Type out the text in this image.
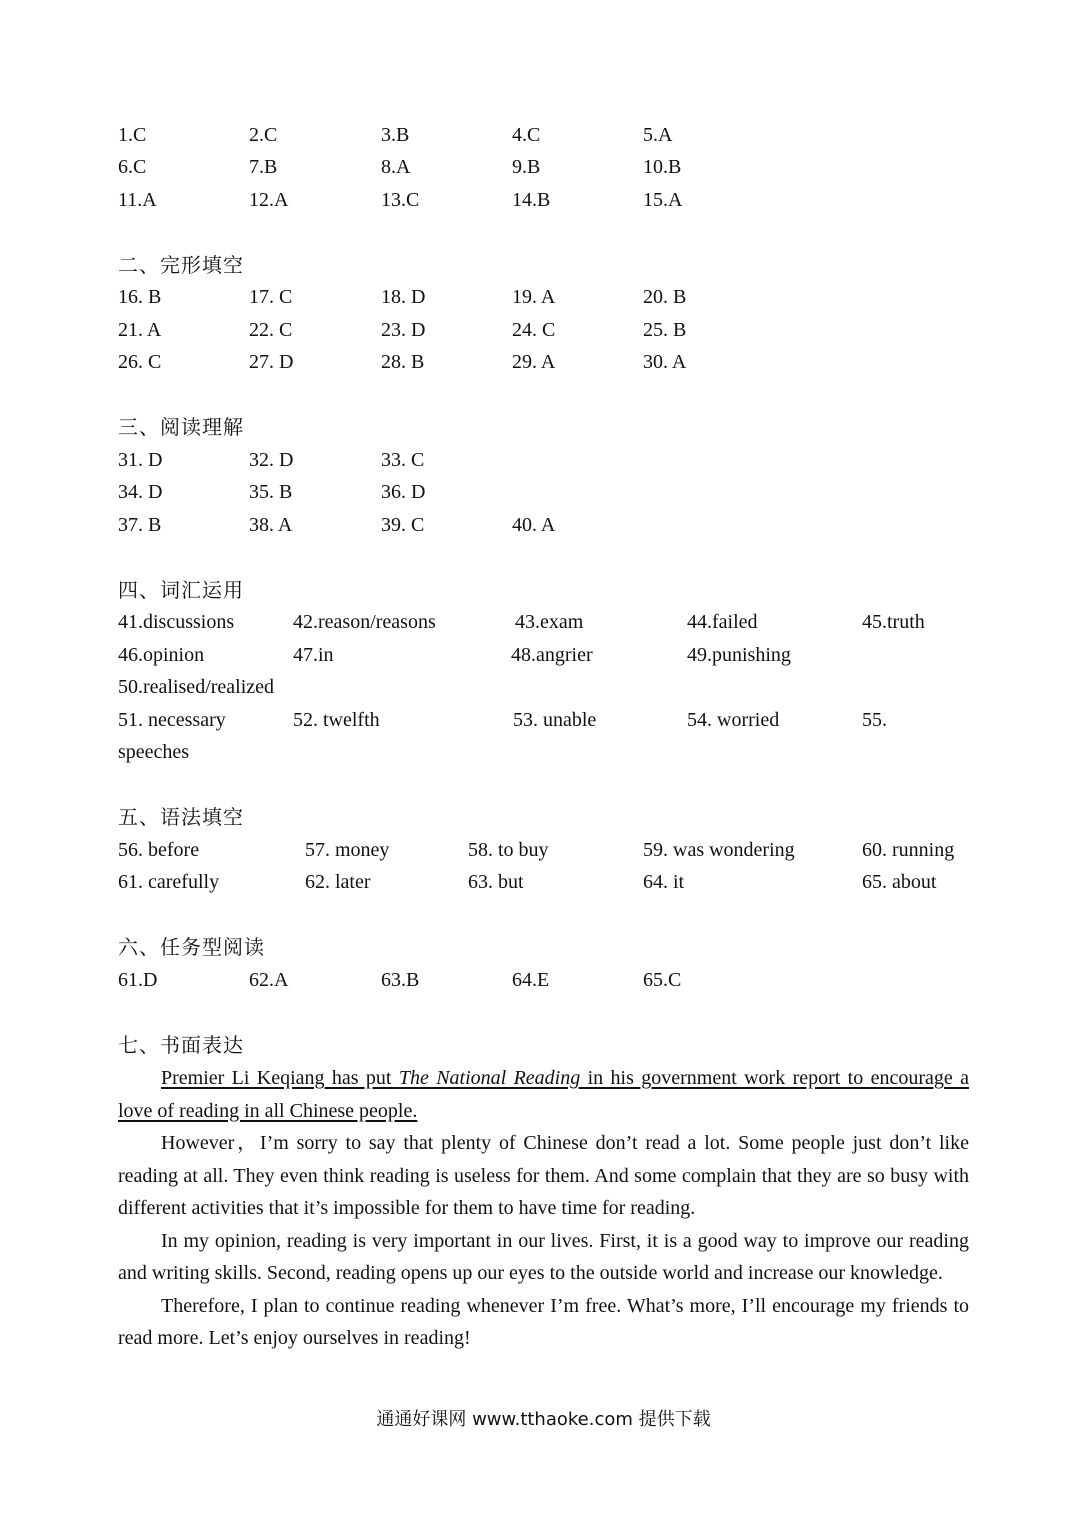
1.C	2.C	3.B	4.C	5.A
6.C	7.B	8.A	9.B	10.B
11.A	12.A	13.C	14.B	15.A
二、完形填空
16. B	17. C	18. D	19. A	20. B
21. A	22. C	23. D	24. C	25. B
26. C	27. D	28. B	29. A	30. A
三、阅读理解
31. D	32. D	33. C
34. D	35. B	36. D
37. B	38. A	39. C	40. A
四、词汇运用
41.discussions	42.reason/reasons	43.exam	44.failed	45.truth
46.opinion	47.in	48.angrier	49.punishing
50.realised/realized
51. necessary	52. twelfth	53. unable	54. worried	55.
speeches
五、语法填空
56. before	57. money	58. to buy	59. was wondering	60. running
61. carefully	62. later	63. but	64. it	65. about
六、任务型阅读
61.D	62.A	63.B	64.E	65.C
七、书面表达

Premier Li Keqiang has put The National Reading in his government work report to encourage a love of reading in all Chinese people.

However，I’m sorry to say that plenty of Chinese don’t read a lot. Some people just don’t like reading at all. They even think reading is useless for them. And some complain that they are so busy with different activities that it’s impossible for them to have time for reading.

In my opinion, reading is very important in our lives. First, it is a good way to improve our reading and writing skills. Second, reading opens up our eyes to the outside world and increase our knowledge.

Therefore, I plan to continue reading whenever I’m free. What’s more, I’ll encourage my friends to read more. Let’s enjoy ourselves in reading!

通通好课网 www.tthaoke.com 提供下载
